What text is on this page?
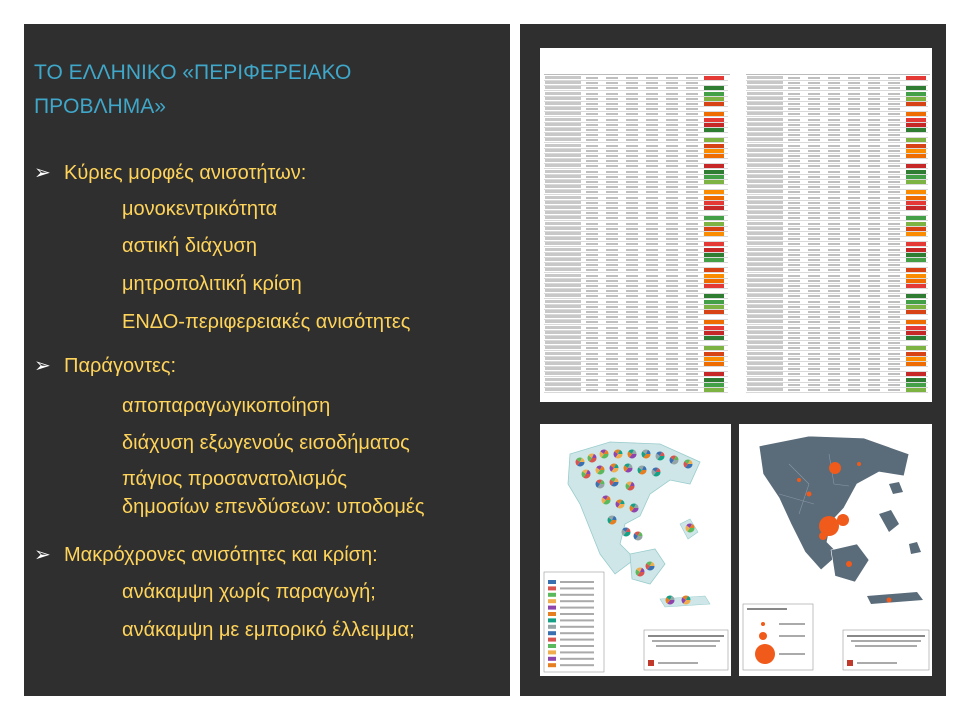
ΤΟ ΕΛΛΗΝΙΚΟ «ΠΕΡΙΦΕΡΕΙΑΚΟ
ΠΡΟΒΛΗΜΑ»
➢ Κύριες μορφές ανισοτήτων:
μονοκεντρικότητα
αστική διάχυση
μητροπολιτική κρίση
ΕΝΔΟ-περιφερειακές ανισότητες
➢ Παράγοντες:
αποπαραγωγικοποίηση
διάχυση εξωγενούς εισοδήματος
πάγιος προσανατολισμός
δημοσίων επενδύσεων: υποδομές
➢ Μακρόχρονες ανισότητες και κρίση:
ανάκαμψη χωρίς παραγωγή;
ανάκαμψη με εμπορικό έλλειμμα;
